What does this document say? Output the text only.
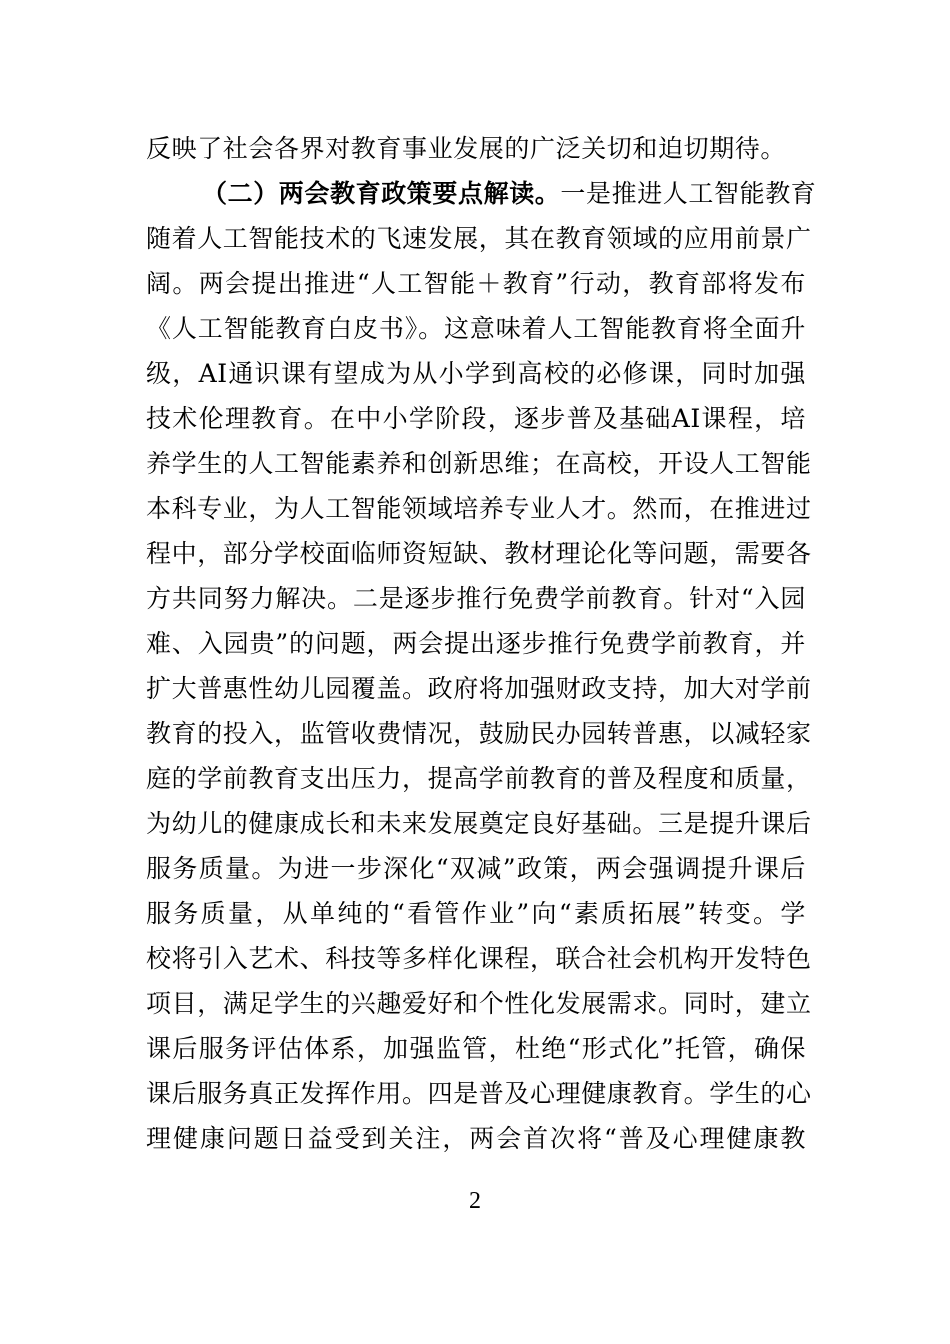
反映了社会各界对教育事业发展的广泛关切和迫切期待。
（二）两会教育政策要点解读。一是推进人工智能教育
随着人工智能技术的飞速发展，其在教育领域的应用前景广
阔。两会提出推进“人工智能＋教育”行动，教育部将发布
《人工智能教育白皮书》。这意味着人工智能教育将全面升
级，AI通识课有望成为从小学到高校的必修课，同时加强
技术伦理教育。在中小学阶段，逐步普及基础AI课程，培
养学生的人工智能素养和创新思维；在高校，开设人工智能
本科专业，为人工智能领域培养专业人才。然而，在推进过
程中，部分学校面临师资短缺、教材理论化等问题，需要各
方共同努力解决。二是逐步推行免费学前教育。针对“入园
难、入园贵”的问题，两会提出逐步推行免费学前教育，并
扩大普惠性幼儿园覆盖。政府将加强财政支持，加大对学前
教育的投入，监管收费情况，鼓励民办园转普惠，以减轻家
庭的学前教育支出压力，提高学前教育的普及程度和质量，
为幼儿的健康成长和未来发展奠定良好基础。三是提升课后
服务质量。为进一步深化“双减”政策，两会强调提升课后
服务质量，从单纯的“看管作业”向“素质拓展”转变。学
校将引入艺术、科技等多样化课程，联合社会机构开发特色
项目，满足学生的兴趣爱好和个性化发展需求。同时，建立
课后服务评估体系，加强监管，杜绝“形式化”托管，确保
课后服务真正发挥作用。四是普及心理健康教育。学生的心
理健康问题日益受到关注，两会首次将“普及心理健康教
2
